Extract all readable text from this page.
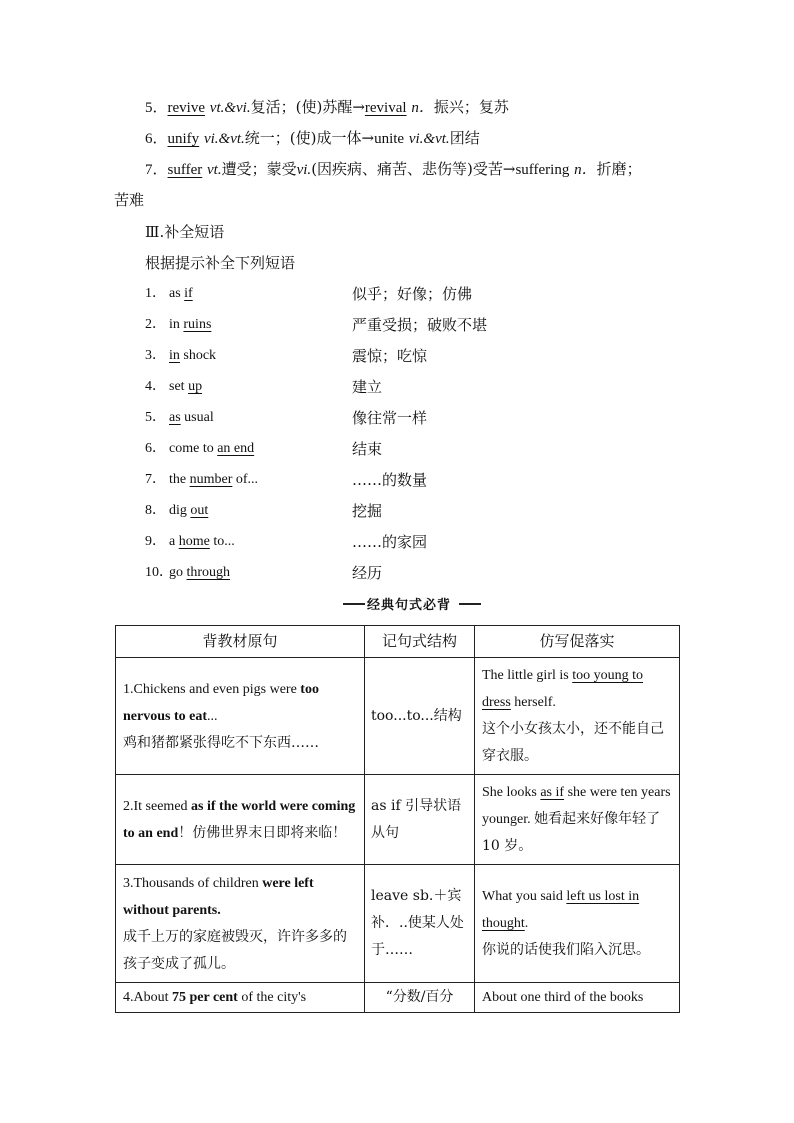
5．revive vt.&vi.复活；(使)苏醒→revival n．振兴；复苏
6．unify vi.&vt.统一；(使)成一体→unite vi.&vt.团结
7．suffer vt.遭受；蒙受vi.(因疾病、痛苦、悲伤等)受苦→suffering n．折磨；
苦难
Ⅲ.补全短语
根据提示补全下列短语
1． as if	似乎；好像；仿佛
2． in ruins	严重受损；破败不堪
3． in shock	震惊；吃惊
4． set up	建立
5． as usual	像往常一样
6． come to an end	结束
7． the number of...	……的数量
8． dig out	挖掘
9． a home to...	……的家园
10．go through	经历
经典句式必背
背教材原句	记句式结构	仿写促落实
1.Chickens and even pigs were too nervous to eat...
鸡和猪都紧张得吃不下东西……	too...to...结构	The little girl is too young to dress herself.
这个小女孩太小，还不能自己穿衣服。
2.It seemed as if the world were coming to an end！仿佛世界末日即将来临！	as if 引导状语从句	She looks as if she were ten years younger. 她看起来好像年轻了 10 岁。
3.Thousands of children were left without parents.
成千上万的家庭被毁灭，许许多多的孩子变成了孤儿。	leave sb.＋宾补．..使某人处于……	What you said left us lost in thought.
你说的话使我们陷入沉思。
4.About 75 per cent of the city's	“分数/百分	About one third of the books
